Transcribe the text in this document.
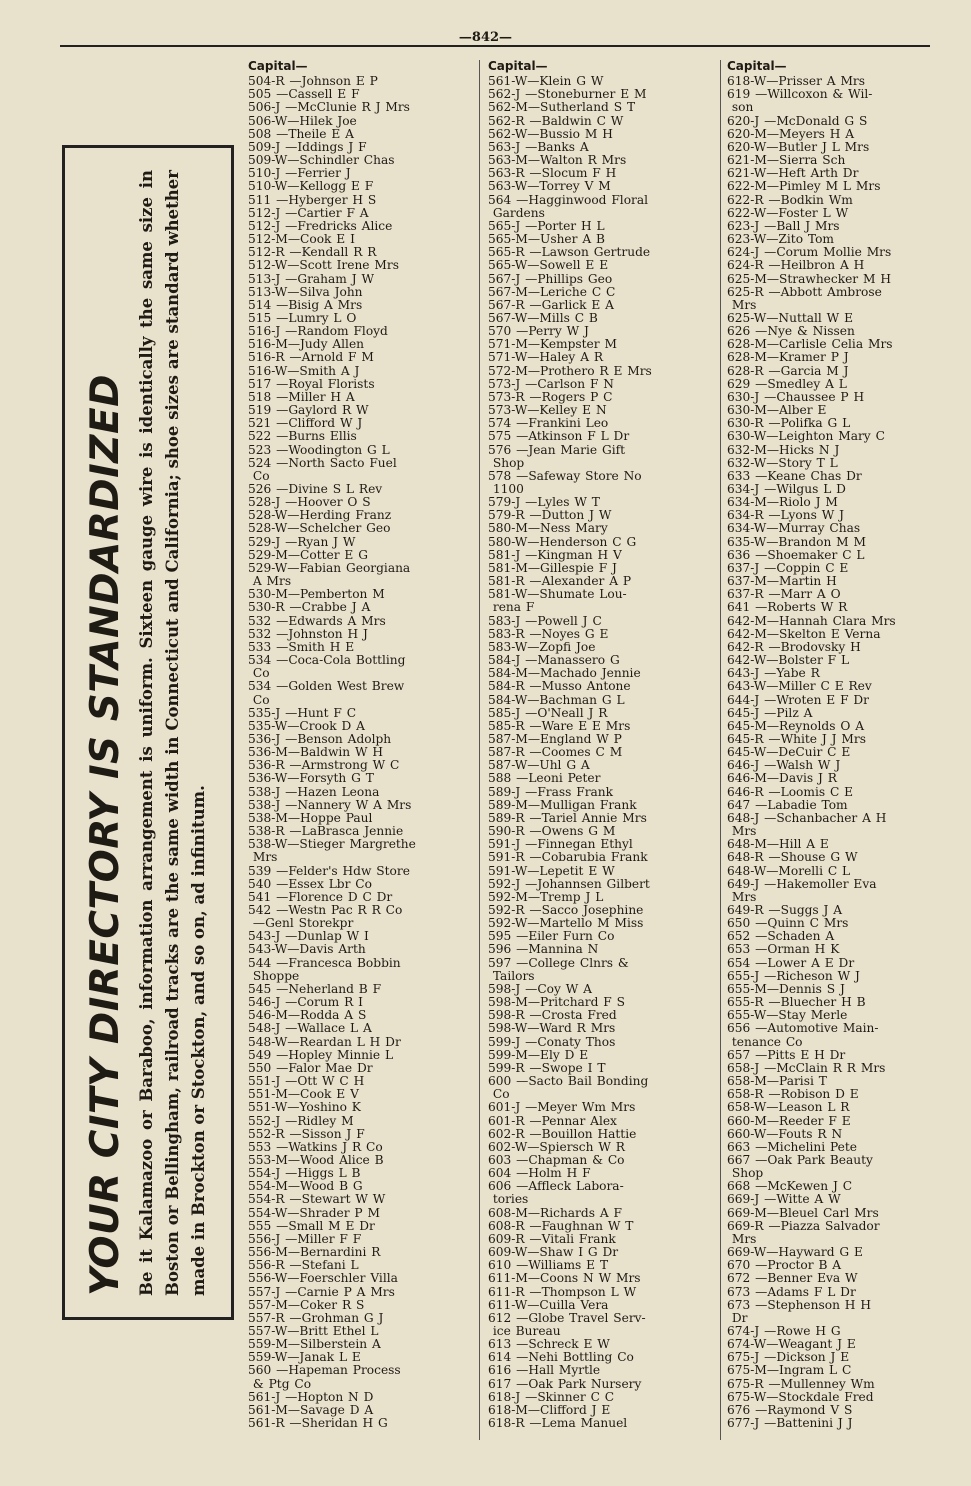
—842—
YOUR CITY DIRECTORY IS STANDARDIZED Be it Kalamazoo or Baraboo, information arrangement is uniform. Sixteen gauge wire is identically the same size in Boston or Bellingham, railroad tracks are the same width in Connecticut and California; shoe sizes are standard whether made in Brockton or Stockton, and so on, ad infinitum.
Capital—
504-R —Johnson E P
505 —Cassell E F
506-J —McClunie R J Mrs
506-W—Hilek Joe
508 —Theile E A
509-J —Iddings J F
509-W—Schindler Chas
510-J —Ferrier J
510-W—Kellogg E F
511 —Hyberger H S
512-J —Cartier F A
512-J —Fredricks Alice
512-M—Cook E I
512-R —Kendall R R
512-W—Scott Irene Mrs
513-J —Graham J W
513-W—Silva John
514 —Bisig A Mrs
515 —Lumry L O
516-J —Random Floyd
516-M—Judy Allen
516-R —Arnold F M
516-W—Smith A J
517 —Royal Florists
518 —Miller H A
519 —Gaylord R W
521 —Clifford W J
522 —Burns Ellis
523 —Woodington G L
524 —North Sacto Fuel
Co
526 —Divine S L Rev
528-J —Hoover O S
528-W—Herding Franz
528-W—Schelcher Geo
529-J —Ryan J W
529-M—Cotter E G
529-W—Fabian Georgiana
A Mrs
530-M—Pemberton M
530-R —Crabbe J A
532 —Edwards A Mrs
532 —Johnston H J
533 —Smith H E
534 —Coca-Cola Bottling
Co
534 —Golden West Brew
Co
535-J —Hunt F C
535-W—Crook D A
536-J —Benson Adolph
536-M—Baldwin W H
536-R —Armstrong W C
536-W—Forsyth G T
538-J —Hazen Leona
538-J —Nannery W A Mrs
538-M—Hoppe Paul
538-R —LaBrasca Jennie
538-W—Stieger Margrethe
Mrs
539 —Felder's Hdw Store
540 —Essex Lbr Co
541 —Florence D C Dr
542 —Westn Pac R R Co
—Genl Storekpr
543-J —Dunlap W I
543-W—Davis Arth
544 —Francesca Bobbin
Shoppe
545 —Neherland B F
546-J —Corum R I
546-M—Rodda A S
548-J —Wallace L A
548-W—Reardan L H Dr
549 —Hopley Minnie L
550 —Falor Mae Dr
551-J —Ott W C H
551-M—Cook E V
551-W—Yoshino K
552-J —Ridley M
552-R —Sisson J F
553 —Watkins J R Co
553-M—Wood Alice B
554-J —Higgs L B
554-M—Wood B G
554-R —Stewart W W
554-W—Shrader P M
555 —Small M E Dr
556-J —Miller F F
556-M—Bernardini R
556-R —Stefani L
556-W—Foerschler Villa
557-J —Carnie P A Mrs
557-M—Coker R S
557-R —Grohman G J
557-W—Britt Ethel L
559-M—Silberstein A
559-W—Janak L E
560 —Hapeman Process
& Ptg Co
561-J —Hopton N D
561-M—Savage D A
561-R —Sheridan H G
Capital—
561-W—Klein G W
562-J —Stoneburner E M
562-M—Sutherland S T
562-R —Baldwin C W
562-W—Bussio M H
563-J —Banks A
563-M—Walton R Mrs
563-R —Slocum F H
563-W—Torrey V M
564 —Hagginwood Floral
Gardens
565-J —Porter H L
565-M—Usher A B
565-R —Lawson Gertrude
565-W—Sowell E E
567-J —Phillips Geo
567-M—Leriche C C
567-R —Garlick E A
567-W—Mills C B
570 —Perry W J
571-M—Kempster M
571-W—Haley A R
572-M—Prothero R E Mrs
573-J —Carlson F N
573-R —Rogers P C
573-W—Kelley E N
574 —Frankini Leo
575 —Atkinson F L Dr
576 —Jean Marie Gift
Shop
578 —Safeway Store No
1100
579-J —Lyles W T
579-R —Dutton J W
580-M—Ness Mary
580-W—Henderson C G
581-J —Kingman H V
581-M—Gillespie F J
581-R —Alexander A P
581-W—Shumate Lou-
rena F
583-J —Powell J C
583-R —Noyes G E
583-W—Zopfi Joe
584-J —Manassero G
584-M—Machado Jennie
584-R —Musso Antone
584-W—Bachman G L
585-J —O'Neall J R
585-R —Ware E E Mrs
587-M—England W P
587-R —Coomes C M
587-W—Uhl G A
588 —Leoni Peter
589-J —Frass Frank
589-M—Mulligan Frank
589-R —Tariel Annie Mrs
590-R —Owens G M
591-J —Finnegan Ethyl
591-R —Cobarubia Frank
591-W—Lepetit E W
592-J —Johannsen Gilbert
592-M—Tremp J L
592-R —Sacco Josephine
592-W—Martello M Miss
595 —Eiler Furn Co
596 —Mannina N
597 —College Clnrs &
Tailors
598-J —Coy W A
598-M—Pritchard F S
598-R —Crosta Fred
598-W—Ward R Mrs
599-J —Conaty Thos
599-M—Ely D E
599-R —Swope I T
600 —Sacto Bail Bonding
Co
601-J —Meyer Wm Mrs
601-R —Pennar Alex
602-R —Bouillon Hattie
602-W—Spiersch W R
603 —Chapman & Co
604 —Holm H F
606 —Affleck Labora-
tories
608-M—Richards A F
608-R —Faughnan W T
609-R —Vitali Frank
609-W—Shaw I G Dr
610 —Williams E T
611-M—Coons N W Mrs
611-R —Thompson L W
611-W—Cuilla Vera
612 —Globe Travel Serv-
ice Bureau
613 —Schreck E W
614 —Nehi Bottling Co
616 —Hall Myrtle
617 —Oak Park Nursery
618-J —Skinner C C
618-M—Clifford J E
618-R —Lema Manuel
Capital—
618-W—Prisser A Mrs
619 —Willcoxon & Wil-
son
620-J —McDonald G S
620-M—Meyers H A
620-W—Butler J L Mrs
621-M—Sierra Sch
621-W—Heft Arth Dr
622-M—Pimley M L Mrs
622-R —Bodkin Wm
622-W—Foster L W
623-J —Ball J Mrs
623-W—Zito Tom
624-J —Corum Mollie Mrs
624-R —Heilbron A H
625-M—Strawhecker M H
625-R —Abbott Ambrose
Mrs
625-W—Nuttall W E
626 —Nye & Nissen
628-M—Carlisle Celia Mrs
628-M—Kramer P J
628-R —Garcia M J
629 —Smedley A L
630-J —Chaussee P H
630-M—Alber E
630-R —Polifka G L
630-W—Leighton Mary C
632-M—Hicks N J
632-W—Story T L
633 —Keane Chas Dr
634-J —Wilgus L D
634-M—Riolo J M
634-R —Lyons W J
634-W—Murray Chas
635-W—Brandon M M
636 —Shoemaker C L
637-J —Coppin C E
637-M—Martin H
637-R —Marr A O
641 —Roberts W R
642-M—Hannah Clara Mrs
642-M—Skelton E Verna
642-R —Brodovsky H
642-W—Bolster F L
643-J —Yabe R
643-W—Miller C E Rev
644-J —Wroten E F Dr
645-J —Pilz A
645-M—Reynolds O A
645-R —White J J Mrs
645-W—DeCuir C E
646-J —Walsh W J
646-M—Davis J R
646-R —Loomis C E
647 —Labadie Tom
648-J —Schanbacher A H
Mrs
648-M—Hill A E
648-R —Shouse G W
648-W—Morelli C L
649-J —Hakemoller Eva
Mrs
649-R —Suggs J A
650 —Quinn C Mrs
652 —Schaden A
653 —Orman H K
654 —Lower A E Dr
655-J —Richeson W J
655-M—Dennis S J
655-R —Bluecher H B
655-W—Stay Merle
656 —Automotive Main-
tenance Co
657 —Pitts E H Dr
658-J —McClain R R Mrs
658-M—Parisi T
658-R —Robison D E
658-W—Leason L R
660-M—Reeder F E
660-W—Fouts R N
663 —Michelini Pete
667 —Oak Park Beauty
Shop
668 —McKewen J C
669-J —Witte A W
669-M—Bleuel Carl Mrs
669-R —Piazza Salvador
Mrs
669-W—Hayward G E
670 —Proctor B A
672 —Benner Eva W
673 —Adams F L Dr
673 —Stephenson H H
Dr
674-J —Rowe H G
674-W—Weagant J E
675-J —Dickson J E
675-M—Ingram L C
675-R —Mullenney Wm
675-W—Stockdale Fred
676 —Raymond V S
677-J —Battenini J J
